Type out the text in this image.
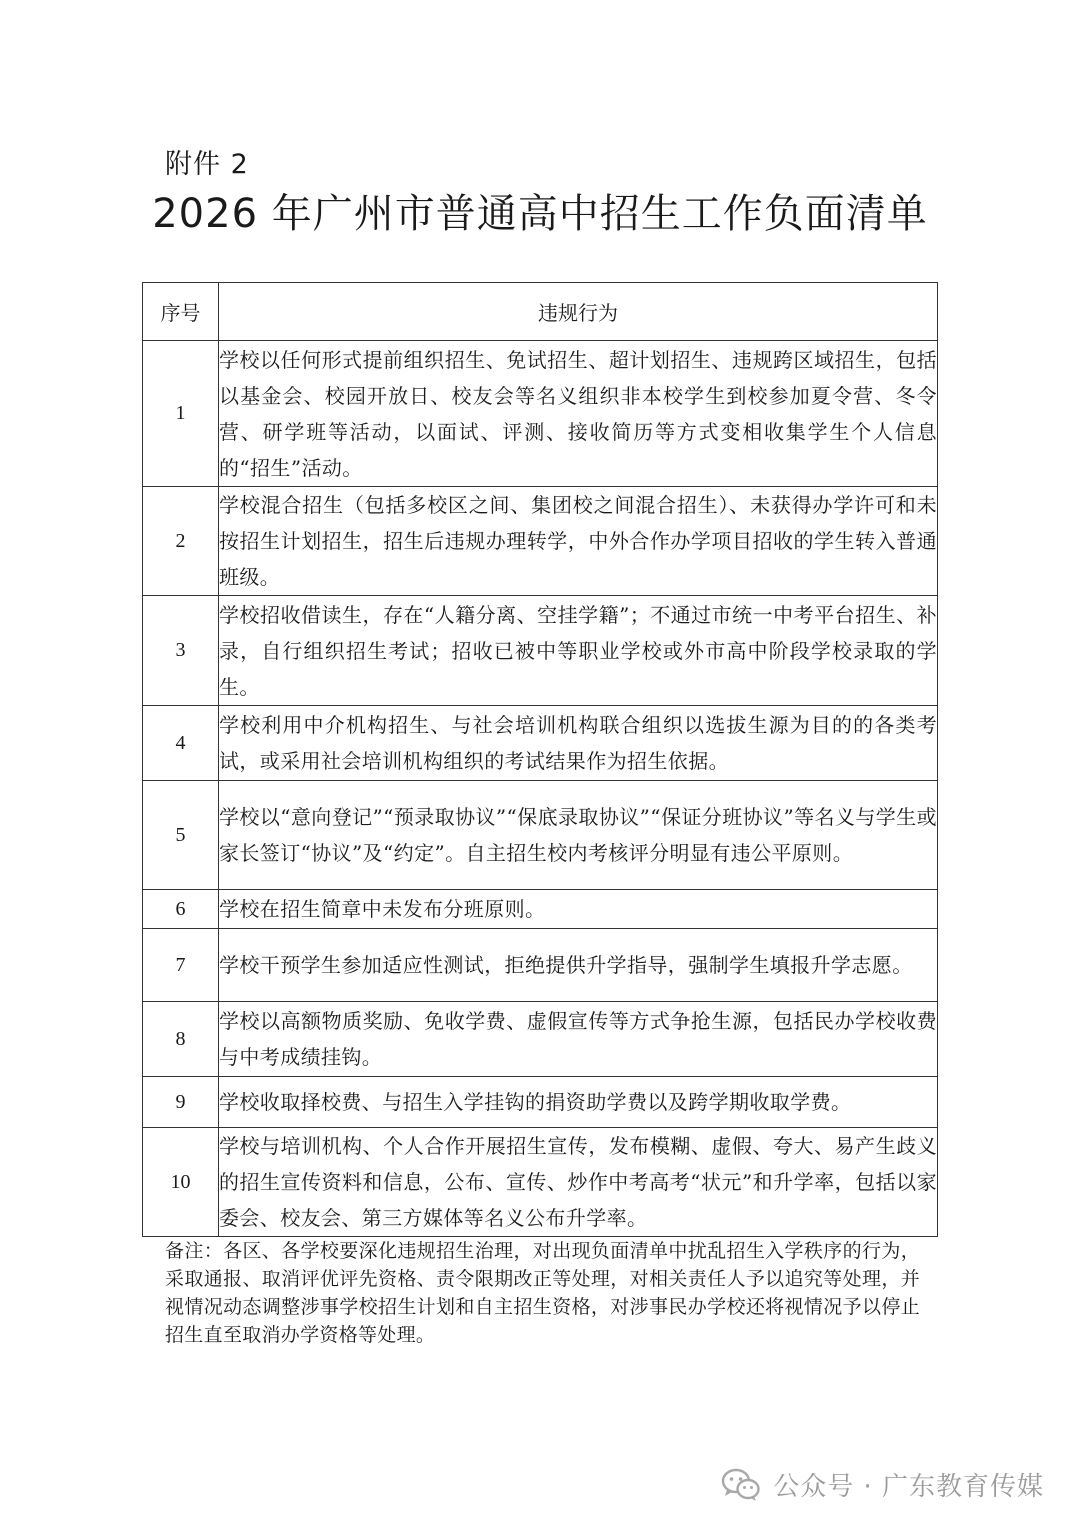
附件 2
2026 年广州市普通高中招生工作负面清单
序号	违规行为
1	学校以任何形式提前组织招生、免试招生、超计划招生、违规跨区域招生，包括以基金会、校园开放日、校友会等名义组织非本校学生到校参加夏令营、冬令营、研学班等活动，以面试、评测、接收简历等方式变相收集学生个人信息的“招生”活动。
2	学校混合招生（包括多校区之间、集团校之间混合招生）、未获得办学许可和未按招生计划招生，招生后违规办理转学，中外合作办学项目招收的学生转入普通班级。
3	学校招收借读生，存在“人籍分离、空挂学籍”；不通过市统一中考平台招生、补录，自行组织招生考试；招收已被中等职业学校或外市高中阶段学校录取的学生。
4	学校利用中介机构招生、与社会培训机构联合组织以选拔生源为目的的各类考试，或采用社会培训机构组织的考试结果作为招生依据。
5	学校以“意向登记”“预录取协议”“保底录取协议”“保证分班协议”等名义与学生或家长签订“协议”及“约定”。自主招生校内考核评分明显有违公平原则。
6	学校在招生简章中未发布分班原则。
7	学校干预学生参加适应性测试，拒绝提供升学指导，强制学生填报升学志愿。
8	学校以高额物质奖励、免收学费、虚假宣传等方式争抢生源，包括民办学校收费与中考成绩挂钩。
9	学校收取择校费、与招生入学挂钩的捐资助学费以及跨学期收取学费。
10	学校与培训机构、个人合作开展招生宣传，发布模糊、虚假、夸大、易产生歧义的招生宣传资料和信息，公布、宣传、炒作中考高考“状元”和升学率，包括以家委会、校友会、第三方媒体等名义公布升学率。
备注：各区、各学校要深化违规招生治理，对出现负面清单中扰乱招生入学秩序的行为，采取通报、取消评优评先资格、责令限期改正等处理，对相关责任人予以追究等处理，并视情况动态调整涉事学校招生计划和自主招生资格，对涉事民办学校还将视情况予以停止招生直至取消办学资格等处理。
公众号 · 广东教育传媒
